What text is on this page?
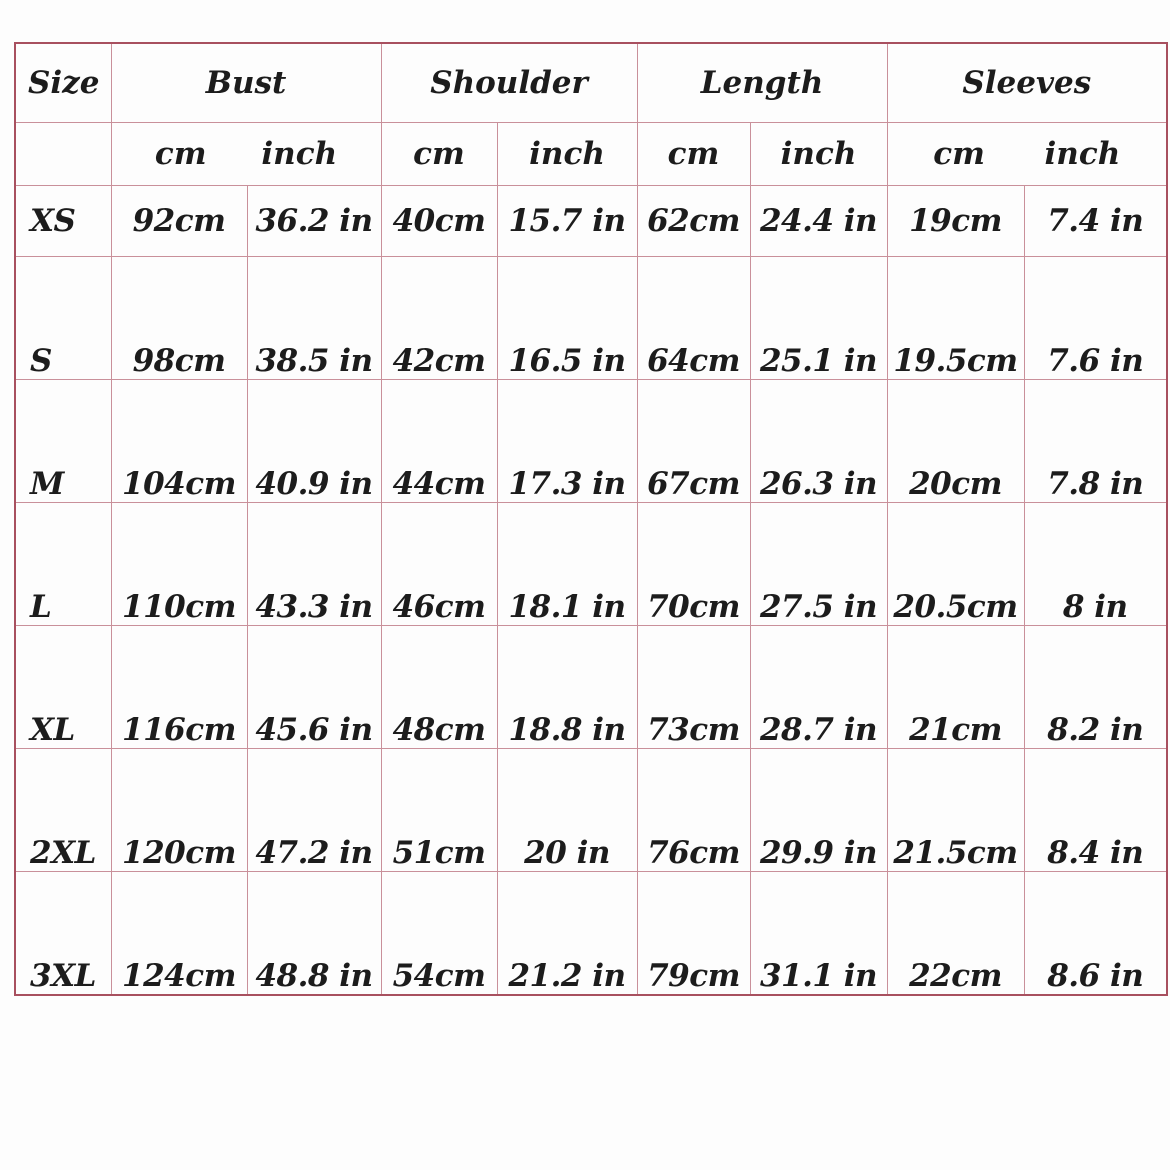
Size	Bust		Shoulder		Length		Sleeves	

	cm inch		cm	inch	cm	inch	cm inch	

XS	92cm	36.2 in	40cm	15.7 in	62cm	24.4 in	19cm	7.4 in
S	98cm	38.5 in	42cm	16.5 in	64cm	25.1 in	19.5cm	7.6 in
M	104cm	40.9 in	44cm	17.3 in	67cm	26.3 in	20cm	7.8 in
L	110cm	43.3 in	46cm	18.1 in	70cm	27.5 in	20.5cm	8 in
XL	116cm	45.6 in	48cm	18.8 in	73cm	28.7 in	21cm	8.2 in
2XL	120cm	47.2 in	51cm	20 in	76cm	29.9 in	21.5cm	8.4 in
3XL	124cm	48.8 in	54cm	21.2 in	79cm	31.1 in	22cm	8.6 in
